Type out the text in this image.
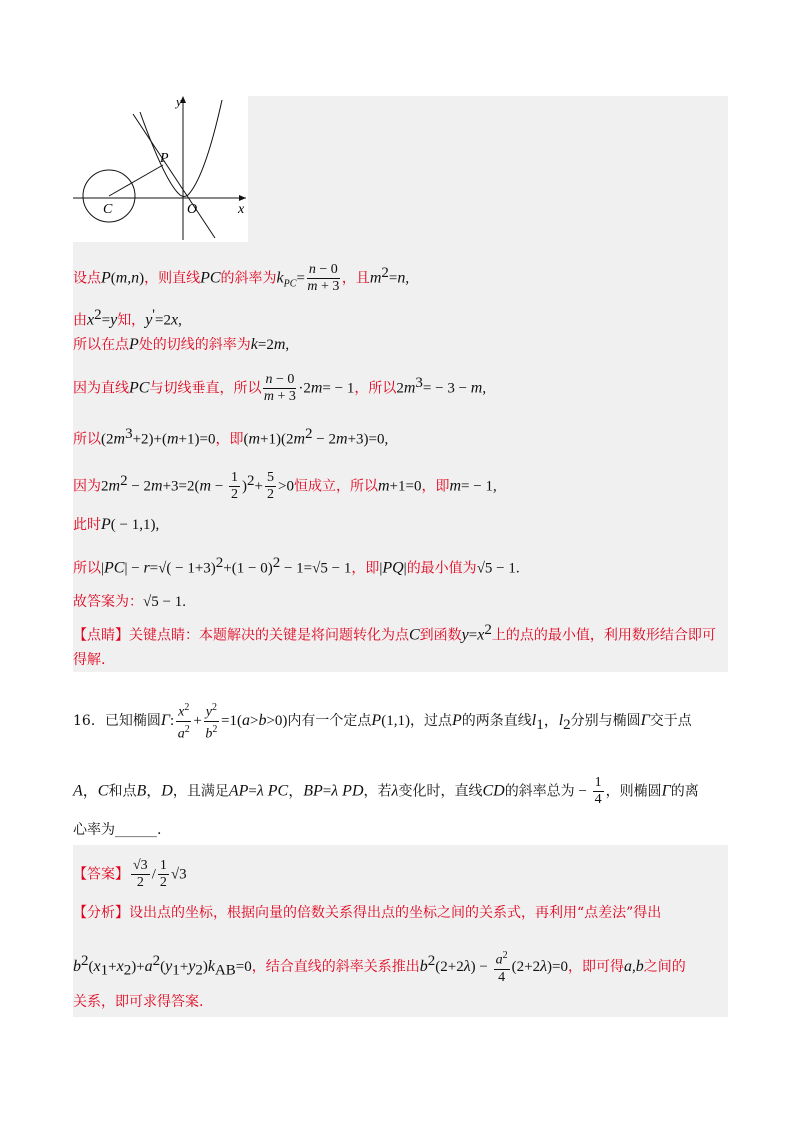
y
P
C	O	x
设点P(m,n)，则直线PC的斜率为$k_{PC}= \frac{n - 0}{m + 3}$ ，且$m^2=n$,
由$x^2=y$知，y'=2x,
所以在点P处的切线的斜率为k=2m,
因为直线PC与切线垂直，所以 $\frac{n - 0}{m + 3} \cdot 2m= - 1$，所以$2m^3= - 3 - m$,
所以$(2m^3+2)+(m+1)=0$，即$(m+1)(2m^2 - 2m+3)=0$,
因为$2m^2 - 2m+3=2(m - \frac{1}{2} )^2+ \frac{5}{2} >0$恒成立，所以m+1=0，即m= − 1,
此时P( − 1,1),
所以$|PC| - r=√( - 1+3)^2+(1 - 0)^2 - 1=√5 - 1$，即|PQ|的最小值为√5 − 1.
故答案为：√5 − 1.
【点睛】关键点睛：本题解决的关键是将问题转化为点C到函数$y=x^2$上的点的最小值，利用数形结合即可
得解.
16．已知椭圆Γ: $\frac{x^2}{a^2} + \frac{y^2}{b^2} =1(a>b>0)$内有一个定点P(1,1)，过点P的两条直线$l_1$，$l_2$分别与椭圆Γ交于点
A，C和点B，D，且满足AP=λ PC，BP=λ PD，若λ变化时，直线CD的斜率总为 − $\frac{1}{4}$ ，则椭圆Γ的离
心率为______.
【答案】 $\frac{√3}{2} / \frac{1}{2} √3$
【分析】设出点的坐标，根据向量的倍数关系得出点的坐标之间的关系式，再利用“点差法”得出
$b^2(x_1+x_2)+a^2(y_1+y_2)k_{AB}=0$，结合直线的斜率关系推出$b^2(2+2\lambda) - \frac{a^2}{4} (2+2\lambda)=0$，即可得a,b之间的
关系，即可求得答案.
